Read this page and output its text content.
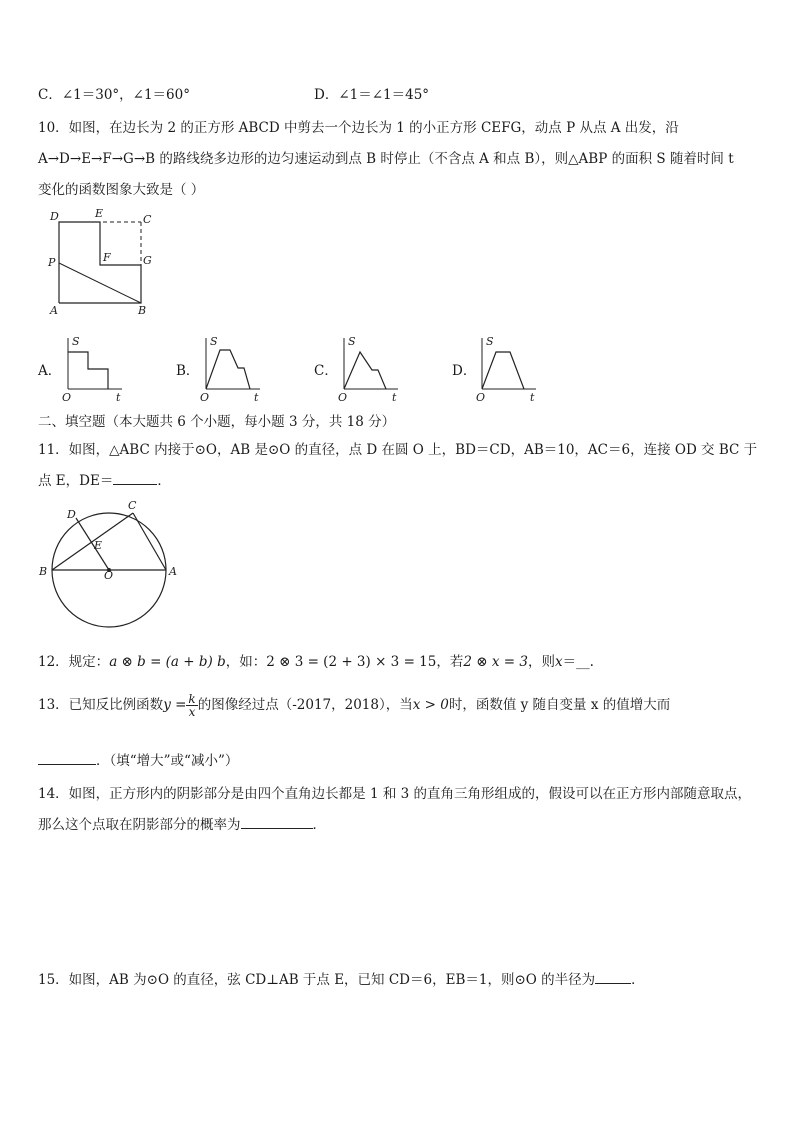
C．∠1＝30°，∠1＝60°	D．∠1＝∠1＝45°
10．如图，在边长为 2 的正方形 ABCD 中剪去一个边长为 1 的小正方形 CEFG，动点 P 从点 A 出发，沿
A→D→E→F→G→B 的路线绕多边形的边匀速运动到点 B 时停止（不含点 A 和点 B），则△ABP 的面积 S 随着时间 t
变化的函数图象大致是（ ）
D	E	C
P	F	G
A	B
A．	B．	C．	D．
S
t
O
S
t
O
S
t
O
S
t
O
二、填空题（本大题共 6 个小题，每小题 3 分，共 18 分）
11．如图，△ABC 内接于⊙O，AB 是⊙O 的直径，点 D 在圆 O 上，BD＝CD，AB＝10，AC＝6，连接 OD 交 BC 于
点 E，DE＝	．
D
C
E
B	O	A
12．规定：a ⊗ b = (a + b) b，如：2 ⊗ 3 = (2 + 3) × 3 = 15，若2 ⊗ x = 3，则x＝__.
13．已知反比例函数$y = \frac{k}{x}$ 的图像经过点（-2017，2018），当x > 0时，函数值 y 随自变量 x 的值增大而
．（填“增大”或“减小”）
14．如图，正方形内的阴影部分是由四个直角边长都是 1 和 3 的直角三角形组成的，假设可以在正方形内部随意取点，
那么这个点取在阴影部分的概率为	．
15．如图，AB 为⊙O 的直径，弦 CD⊥AB 于点 E，已知 CD＝6，EB＝1，则⊙O 的半径为	．
